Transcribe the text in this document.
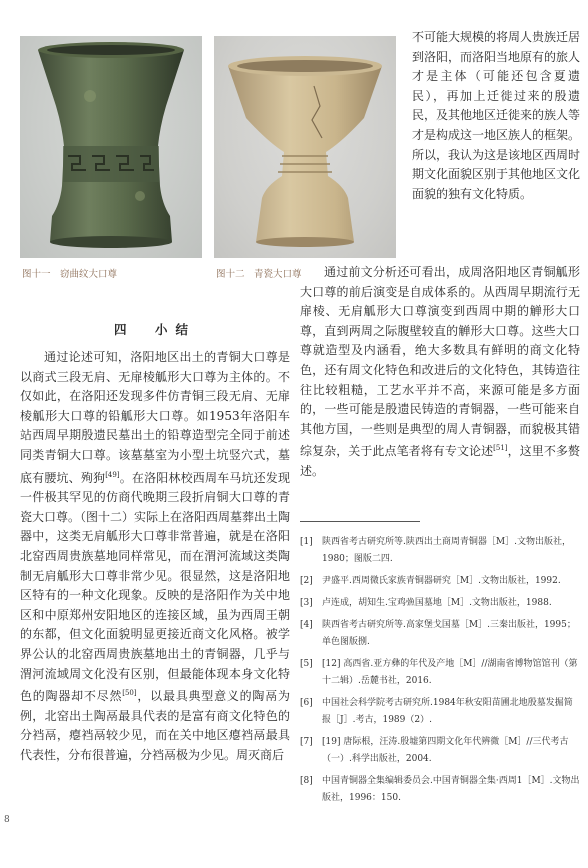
图十一　窃曲纹大口尊	图十二　青瓷大口尊

不可能大规模的将周人贵族迁居到洛阳，而洛阳当地原有的旅人才是主体（可能还包含夏遗民），再加上迁徙过来的殷遗民，及其他地区迁徙来的族人等才是构成这一地区族人的框架。所以，我认为这是该地区西周时期文化面貌区别于其他地区文化面貌的独有文化特质。

通过前文分析还可看出，成周洛阳地区青铜觚形大口尊的前后演变是自成体系的。从西周早期流行无扉棱、无肩觚形大口尊演变到西周中期的觯形大口尊，直到两周之际腹壁较直的觯形大口尊。这些大口尊就造型及内涵看，绝大多数具有鲜明的商文化特色，还有周文化特色和改进后的文化特色，其铸造往往比较粗糙，工艺水平并不高，来源可能是多方面的，一些可能是殷遗民铸造的青铜器，一些可能来自其他方国，一些则是典型的周人青铜器，而貌极其错综复杂，关于此点笔者将有专文论述[51]，这里不多赘述。

四　小结

通过论述可知，洛阳地区出土的青铜大口尊是以商式三段无肩、无扉棱觚形大口尊为主体的。不仅如此，在洛阳还发现多件仿青铜三段无肩、无扉棱觚形大口尊的铅觚形大口尊。如1953年洛阳车站西周早期殷遗民墓出土的铅尊造型完全同于前述同类青铜大口尊。该墓墓室为小型土坑竖穴式，墓底有腰坑、殉狗[49]。在洛阳林校西周车马坑还发现一件极其罕见的仿商代晚期三段折肩铜大口尊的青瓷大口尊。（图十二）实际上在洛阳西周墓葬出土陶器中，这类无肩觚形大口尊非常普遍，就是在洛阳北窑西周贵族墓地同样常见，而在渭河流域这类陶制无肩觚形大口尊非常少见。很显然，这是洛阳地区特有的一种文化现象。反映的是洛阳作为关中地区和中原郑州安阳地区的连接区域，虽为西周王朝的东都，但文化面貌明显更接近商文化风格。被学界公认的北窑西周贵族墓地出土的青铜器，几乎与渭河流域周文化没有区别，但最能体现本身文化特色的陶器却不尽然[50]，以最具典型意义的陶鬲为例，北窑出土陶鬲最具代表的是富有商文化特色的分裆鬲，瘪裆鬲较少见，而在关中地区瘪裆鬲最具代表性，分布很普遍，分裆鬲极为少见。周灭商后

[1]	陕西省考古研究所等.陕西出土商周青铜器［M］.文物出版社，1980；图版二四.
[2]	尹盛平.西周微氏家族青铜器研究［M］.文物出版社，1992.
[3]	卢连成，胡知生.宝鸡𢐗国墓地［M］.文物出版社，1988.
[4]	陕西省考古研究所等.高家堡戈国墓［M］.三秦出版社，1995；单色图版捌.
[5]	[12] 高西省.亚方彝的年代及产地［M］//湖南省博物馆馆刊（第十二辑）.岳麓书社，2016.
[6]	中国社会科学院考古研究所.1984年秋安阳苗圃北地殷墓发掘简报［J］.考古，1989（2）.
[7]	[19] 唐际根，汪涛.殷墟第四期文化年代辨微［M］//三代考古（一）.科学出版社，2004.
[8]	中国青铜器全集编辑委员会.中国青铜器全集·西周1［M］.文物出版社，1996：150.
8
